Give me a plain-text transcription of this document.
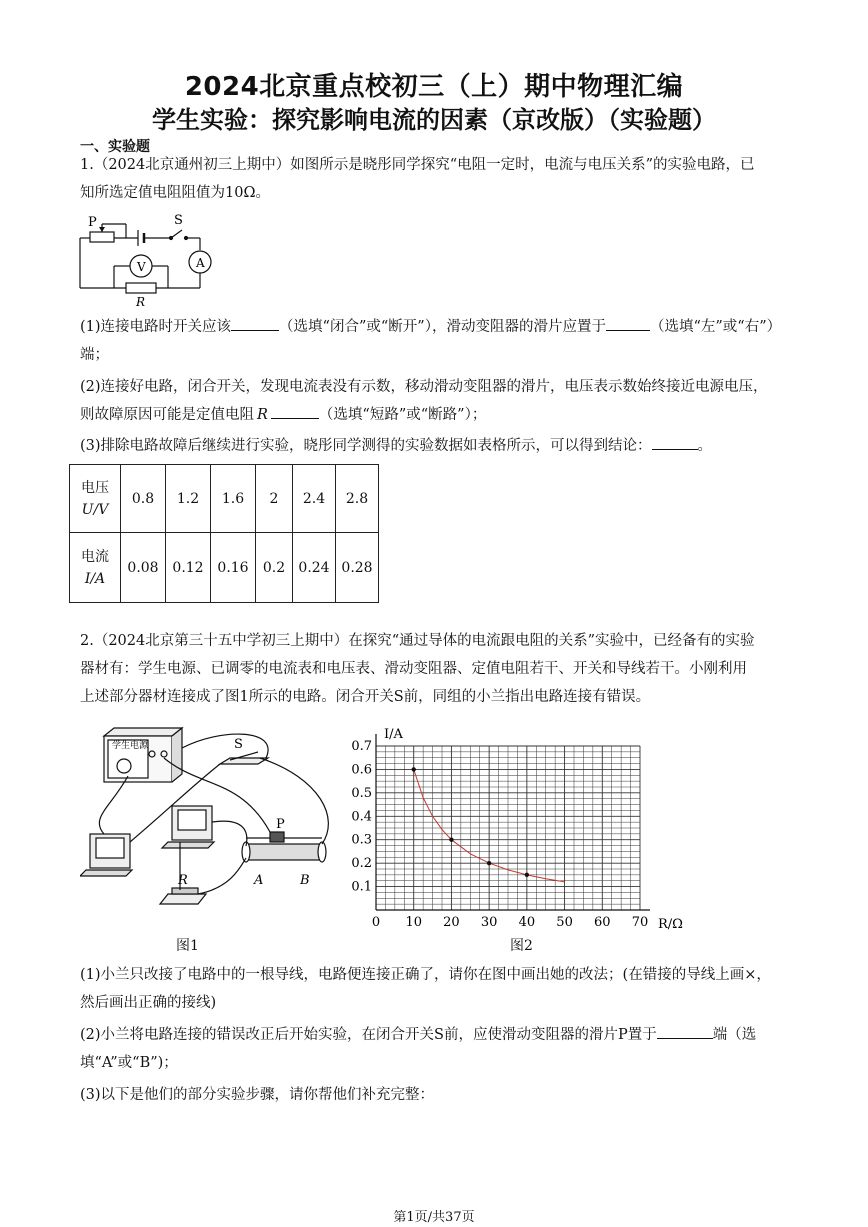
2024北京重点校初三（上）期中物理汇编
学生实验：探究影响电流的因素（京改版）（实验题）
一、实验题
1.（2024北京通州初三上期中）如图所示是晓彤同学探究“电阻一定时，电流与电压关系”的实验电路，已
知所选定值电阻阻值为10Ω。
P	S
V	A
R
(1)连接电路时开关应该	（选填“闭合”或“断开”），滑动变阻器的滑片应置于	（选填“左”或“右”）
端；
(2)连接好电路，闭合开关，发现电流表没有示数，移动滑动变阻器的滑片，电压表示数始终接近电源电压，
则故障原因可能是定值电阻 R	（选填“短路”或“断路”）；
(3)排除电路故障后继续进行实验，晓彤同学测得的实验数据如表格所示，可以得到结论：	。
电压
U/V	0.8	1.2	1.6	2	2.4	2.8

电流
I/A	0.08	0.12	0.16	0.2	0.24	0.28
2.（2024北京第三十五中学初三上期中）在探究“通过导体的电流跟电阻的关系”实验中，已经备有的实验
器材有：学生电源、已调零的电流表和电压表、滑动变阻器、定值电阻若干、开关和导线若干。小刚利用
上述部分器材连接成了图1所示的电路。闭合开关S前，同组的小兰指出电路连接有错误。
学生电源	S
P
R	A	B
0 10 20 30 40 50 60 70
0.1
0.2
0.3
0.4
0.5
0.6
0.7
I/A
R/Ω
图1	图2
(1)小兰只改接了电路中的一根导线，电路便连接正确了，请你在图中画出她的改法；(在错接的导线上画×，
然后画出正确的接线)
(2)小兰将电路连接的错误改正后开始实验，在闭合开关S前，应使滑动变阻器的滑片P置于	端（选
填“A”或“B”)；
(3)以下是他们的部分实验步骤，请你帮他们补充完整：
第1页/共37页
